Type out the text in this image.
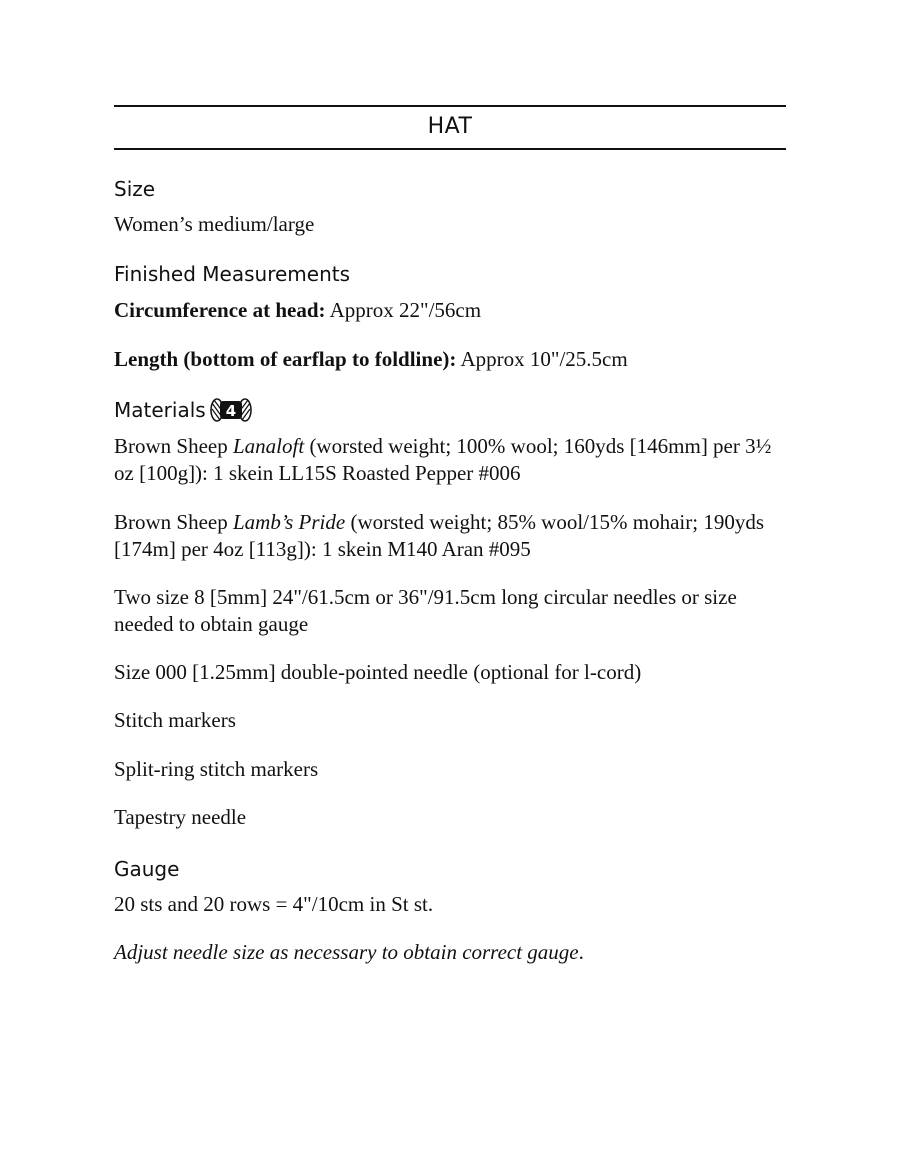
HAT
Size

Women’s medium/large

Finished Measurements

Circumference at head: Approx 22"/56cm

Length (bottom of earflap to foldline): Approx 10"/25.5cm

Materials 4

Brown Sheep Lanaloft (worsted weight; 100% wool; 160yds [146mm] per 3½ oz [100g]): 1 skein LL15S Roasted Pepper #006

Brown Sheep Lamb’s Pride (worsted weight; 85% wool/15% mohair; 190yds [174m] per 4oz [113g]): 1 skein M140 Aran #095

Two size 8 [5mm] 24"/61.5cm or 36"/91.5cm long circular needles or size needed to obtain gauge

Size 000 [1.25mm] double-pointed needle (optional for l-cord)

Stitch markers

Split-ring stitch markers

Tapestry needle

Gauge

20 sts and 20 rows = 4"/10cm in St st.

Adjust needle size as necessary to obtain correct gauge.
